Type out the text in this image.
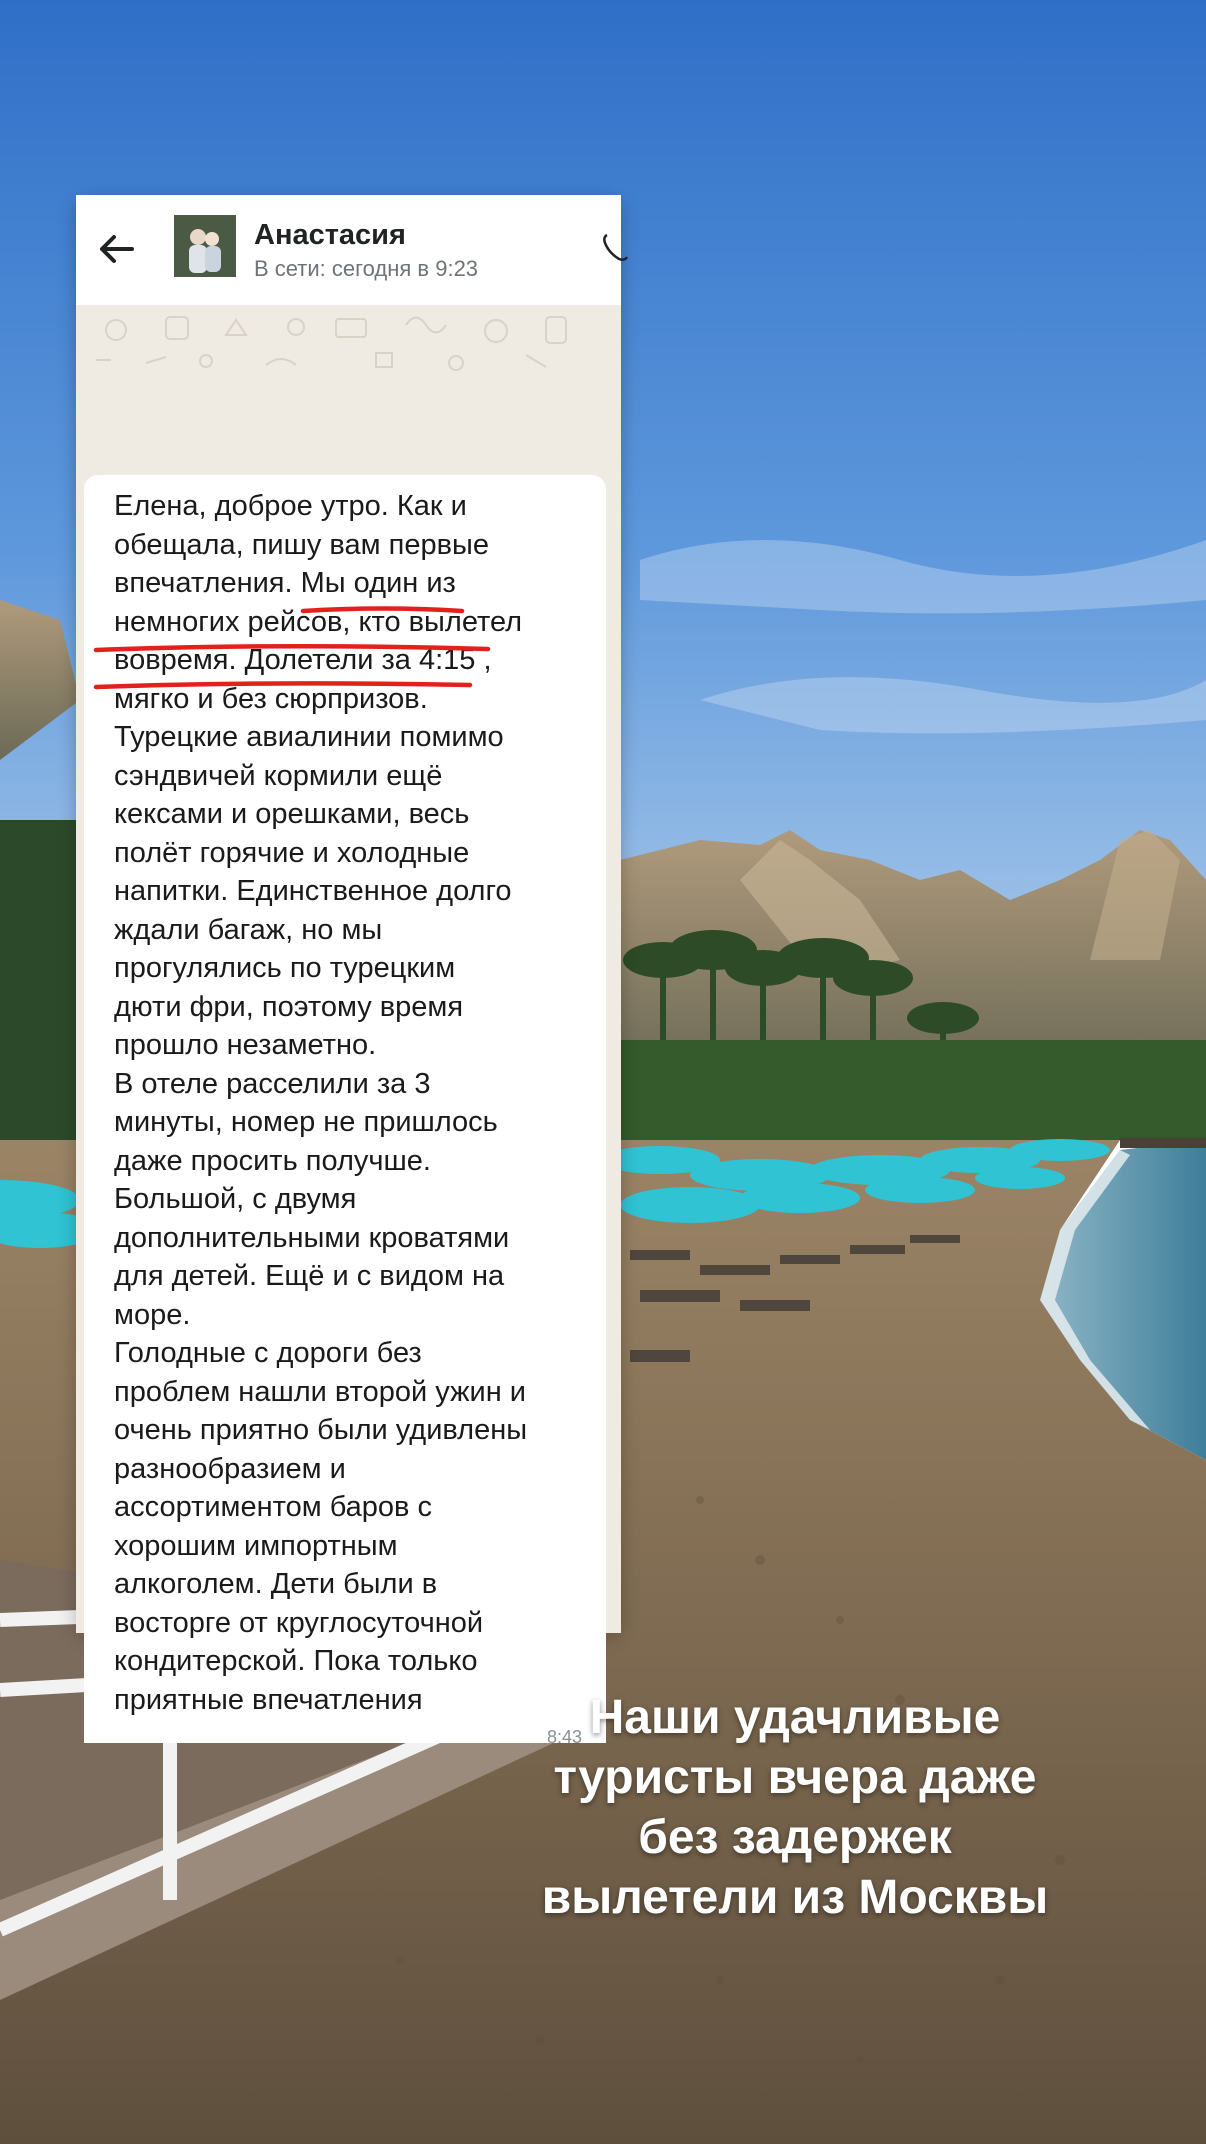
Анастасия
В сети: сегодня в 9:23
Елена, доброе утро. Как и
обещала, пишу вам первые
впечатления. Мы один из
немногих рейсов, кто вылетел
вовремя. Долетели за 4:15 ,
мягко и без сюрпризов.
Турецкие авиалинии помимо
сэндвичей кормили ещё
кексами и орешками, весь
полёт горячие и холодные
напитки. Единственное долго
ждали багаж, но мы
прогулялись по турецким
дюти фри, поэтому время
прошло незаметно.
В отеле расселили за 3
минуты, номер не пришлось
даже просить получше.
Большой, с двумя
дополнительными кроватями
для детей. Ещё и с видом на
море.
Голодные с дороги без
проблем нашли второй ужин и
очень приятно были удивлены
разнообразием и
ассортиментом баров с
хорошим импортным
алкоголем. Дети были в
восторге от круглосуточной
кондитерской. Пока только
приятные впечатления
8:43 Наши удачливые
туристы вчера даже
без задержек
вылетели из Москвы
